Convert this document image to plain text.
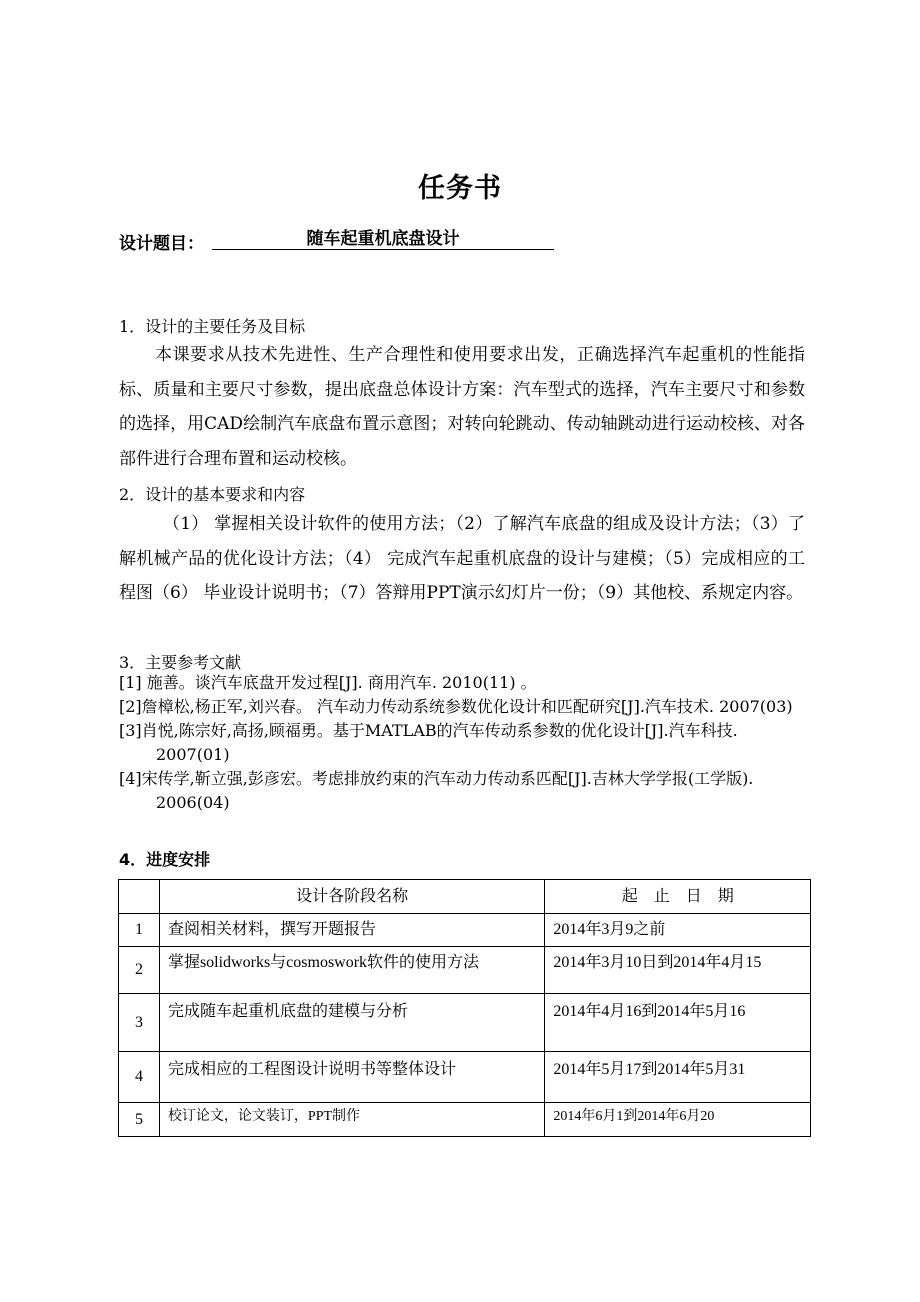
任务书
设计题目：	随车起重机底盘设计
1．设计的主要任务及目标

本课要求从技术先进性、生产合理性和使用要求出发，正确选择汽车起重机的性能指标、质量和主要尺寸参数，提出底盘总体设计方案：汽车型式的选择，汽车主要尺寸和参数的选择，用CAD绘制汽车底盘布置示意图；对转向轮跳动、传动轴跳动进行运动校核、对各部件进行合理布置和运动校核。

2．设计的基本要求和内容

（1） 掌握相关设计软件的使用方法；（2）了解汽车底盘的组成及设计方法；（3）了解机械产品的优化设计方法；（4） 完成汽车起重机底盘的设计与建模；（5）完成相应的工程图（6） 毕业设计说明书；（7）答辩用PPT演示幻灯片一份；（9）其他校、系规定内容。

3．主要参考文献
[1] 施善。谈汽车底盘开发过程[J]. 商用汽车. 2010(11) 。
[2]詹樟松,杨正军,刘兴春。 汽车动力传动系统参数优化设计和匹配研究[J].汽车技术. 2007(03)
[3]肖悦,陈宗好,高扬,顾福勇。基于MATLAB的汽车传动系参数的优化设计[J].汽车科技. 2007(01)
[4]宋传学,靳立强,彭彦宏。考虑排放约束的汽车动力传动系匹配[J].吉林大学学报(工学版). 2006(04)
4．进度安排
	设计各阶段名称	起　止　日　期
1	查阅相关材料，撰写开题报告	2014年3月9之前
2	掌握solidworks与cosmoswork软件的使用方法	2014年3月10日到2014年4月15
3	完成随车起重机底盘的建模与分析	2014年4月16到2014年5月16
4	完成相应的工程图设计说明书等整体设计	2014年5月17到2014年5月31
5	校订论文，论文装订，PPT制作	2014年6月1到2014年6月20
